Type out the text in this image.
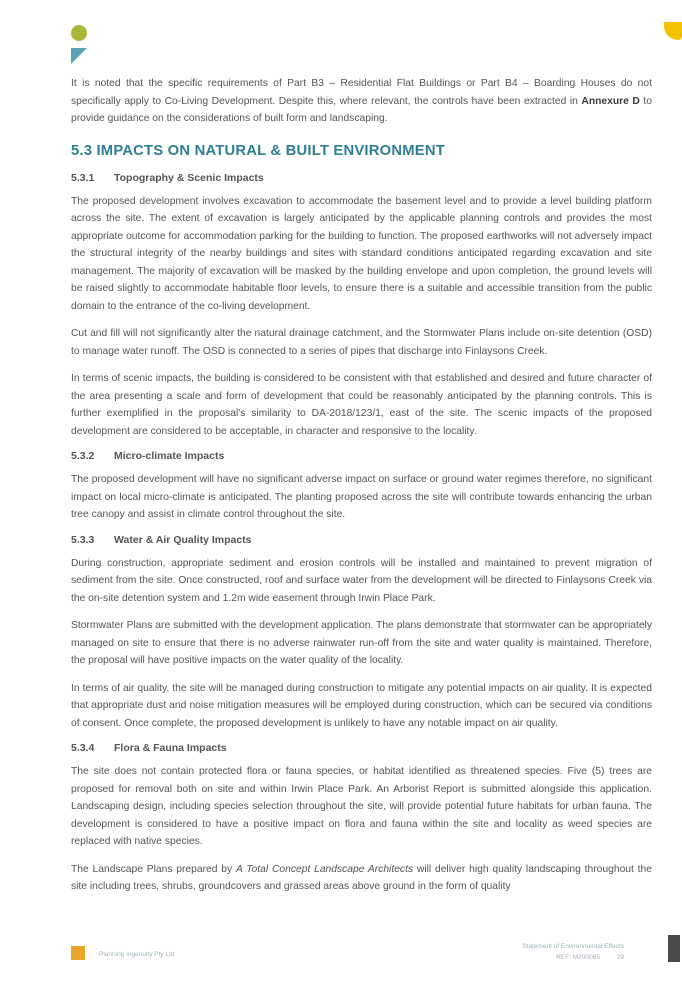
It is noted that the specific requirements of Part B3 – Residential Flat Buildings or Part B4 – Boarding Houses do not specifically apply to Co-Living Development. Despite this, where relevant, the controls have been extracted in Annexure D to provide guidance on the considerations of built form and landscaping.

5.3 IMPACTS ON NATURAL & BUILT ENVIRONMENT
5.3.1 Topography & Scenic Impacts

The proposed development involves excavation to accommodate the basement level and to provide a level building platform across the site. The extent of excavation is largely anticipated by the applicable planning controls and provides the most appropriate outcome for accommodation parking for the building to function. The proposed earthworks will not adversely impact the structural integrity of the nearby buildings and sites with standard conditions anticipated regarding excavation and site management. The majority of excavation will be masked by the building envelope and upon completion, the ground levels will be raised slightly to accommodate habitable floor levels, to ensure there is a suitable and accessible transition from the public domain to the entrance of the co-living development.

Cut and fill will not significantly alter the natural drainage catchment, and the Stormwater Plans include on-site detention (OSD) to manage water runoff. The OSD is connected to a series of pipes that discharge into Finlaysons Creek.

In terms of scenic impacts, the building is considered to be consistent with that established and desired and future character of the area presenting a scale and form of development that could be reasonably anticipated by the planning controls. This is further exemplified in the proposal's similarity to DA-2018/123/1, east of the site. The scenic impacts of the proposed development are considered to be acceptable, in character and responsive to the locality.

5.3.2 Micro-climate Impacts

The proposed development will have no significant adverse impact on surface or ground water regimes therefore, no significant impact on local micro-climate is anticipated. The planting proposed across the site will contribute towards enhancing the urban tree canopy and assist in climate control throughout the site.

5.3.3 Water & Air Quality Impacts

During construction, appropriate sediment and erosion controls will be installed and maintained to prevent migration of sediment from the site. Once constructed, roof and surface water from the development will be directed to Finlaysons Creek via the on-site detention system and 1.2m wide easement through Irwin Place Park.

Stormwater Plans are submitted with the development application. The plans demonstrate that stormwater can be appropriately managed on site to ensure that there is no adverse rainwater run-off from the site and water quality is maintained. Therefore, the proposal will have positive impacts on the water quality of the locality.

In terms of air quality, the site will be managed during construction to mitigate any potential impacts on air quality. It is expected that appropriate dust and noise mitigation measures will be employed during construction, which can be secured via conditions of consent. Once complete, the proposed development is unlikely to have any notable impact on air quality.

5.3.4 Flora & Fauna Impacts

The site does not contain protected flora or fauna species, or habitat identified as threatened species. Five (5) trees are proposed for removal both on site and within Irwin Place Park. An Arborist Report is submitted alongside this application. Landscaping design, including species selection throughout the site, will provide potential future habitats for urban fauna. The development is considered to have a positive impact on flora and fauna within the site and locality as weed species are replaced with native species.

The Landscape Plans prepared by A Total Concept Landscape Architects will deliver high quality landscaping throughout the site including trees, shrubs, groundcovers and grassed areas above ground in the form of quality

Planning Ingenuity Pty Ltd
Statement of Environmental Effects
REF: M200085	29
